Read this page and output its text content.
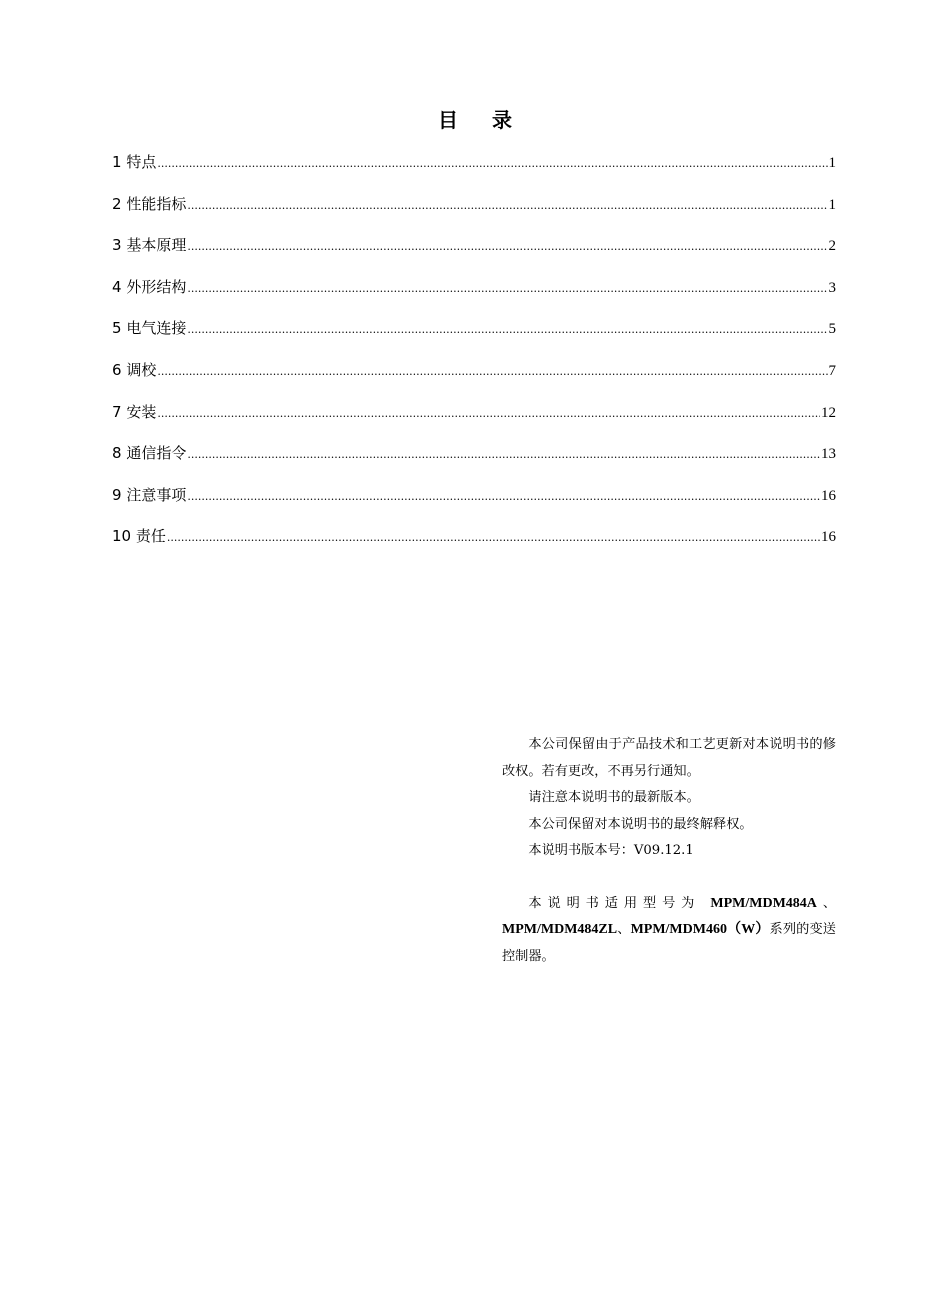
目 录
1
特点 .....	1
2
性能指标 .....	1
3
基本原理 .....	2
4
外形结构 .....	3
5
电气连接 .....	5
6
调校 .....	7
7
安装 .....	12
8
通信指令 .....	13
9
注意事项 .....	16
10
责任 .....	16

本公司保留由于产品技术和工艺更新对本说明书的修改权。若有更改，不再另行通知。

请注意本说明书的最新版本。

本公司保留对本说明书的最终解释权。

本说明书版本号：V09.12.1

本说明书适用型号为 MPM/MDM484A、MPM/MDM484ZL、MPM/MDM460（W）系列的变送控制器。
